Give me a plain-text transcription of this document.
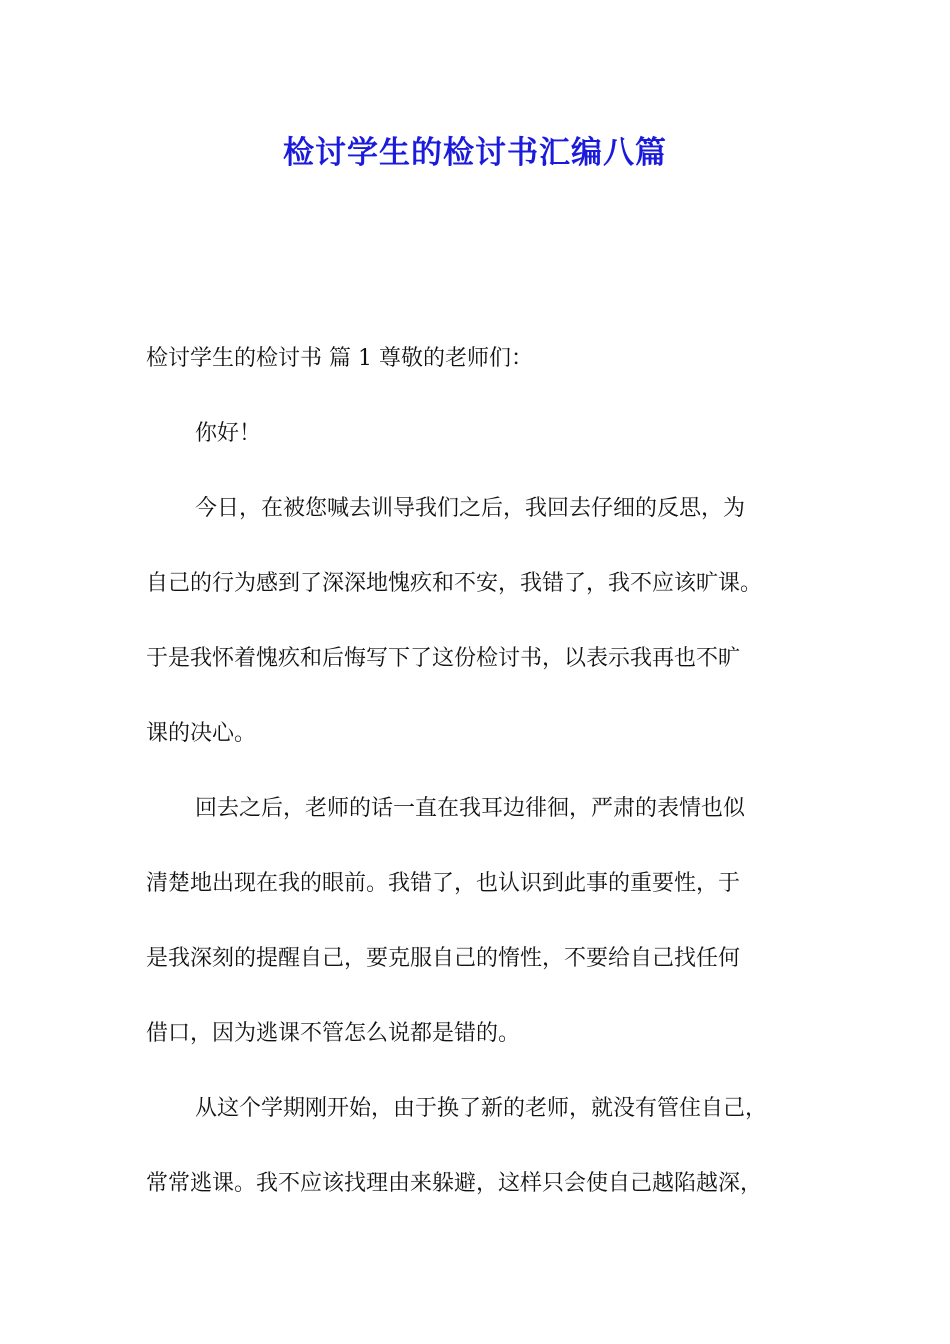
检讨学生的检讨书汇编八篇

检讨学生的检讨书 篇 1 尊敬的老师们：

你好！

今日，在被您喊去训导我们之后，我回去仔细的反思，为

自己的行为感到了深深地愧疚和不安，我错了，我不应该旷课。

于是我怀着愧疚和后悔写下了这份检讨书，以表示我再也不旷

课的决心。

回去之后，老师的话一直在我耳边徘徊，严肃的表情也似

清楚地出现在我的眼前。我错了，也认识到此事的重要性，于

是我深刻的提醒自己，要克服自己的惰性，不要给自己找任何

借口，因为逃课不管怎么说都是错的。

从这个学期刚开始，由于换了新的老师，就没有管住自己，

常常逃课。我不应该找理由来躲避，这样只会使自己越陷越深，
